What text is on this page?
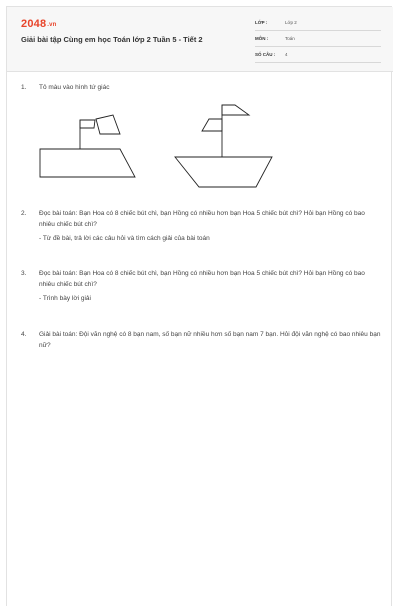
2048.vn
Giải bài tập Cùng em học Toán lớp 2 Tuần 5 - Tiết 2
LỚP :	Lớp 2
MÔN :	Toán
SỐ CÂU : 4
1. Tô màu vào hình tứ giác
2. Đọc bài toán: Bạn Hoa có 8 chiếc bút chì, bạn Hồng có nhiều hơn bạn Hoa 5 chiếc bút chì? Hỏi bạn Hồng có bao nhiêu chiếc bút chì?
- Từ đề bài, trả lời các câu hỏi và tìm cách giải của bài toán
3. Đọc bài toán: Bạn Hoa có 8 chiếc bút chì, bạn Hồng có nhiều hơn bạn Hoa 5 chiếc bút chì? Hỏi bạn Hồng có bao nhiêu chiếc bút chì?
- Trình bày lời giải
4. Giải bài toán: Đội văn nghệ có 8 bạn nam, số bạn nữ nhiều hơn số bạn nam 7 bạn. Hỏi đội văn nghệ có bao nhiêu bạn nữ?
